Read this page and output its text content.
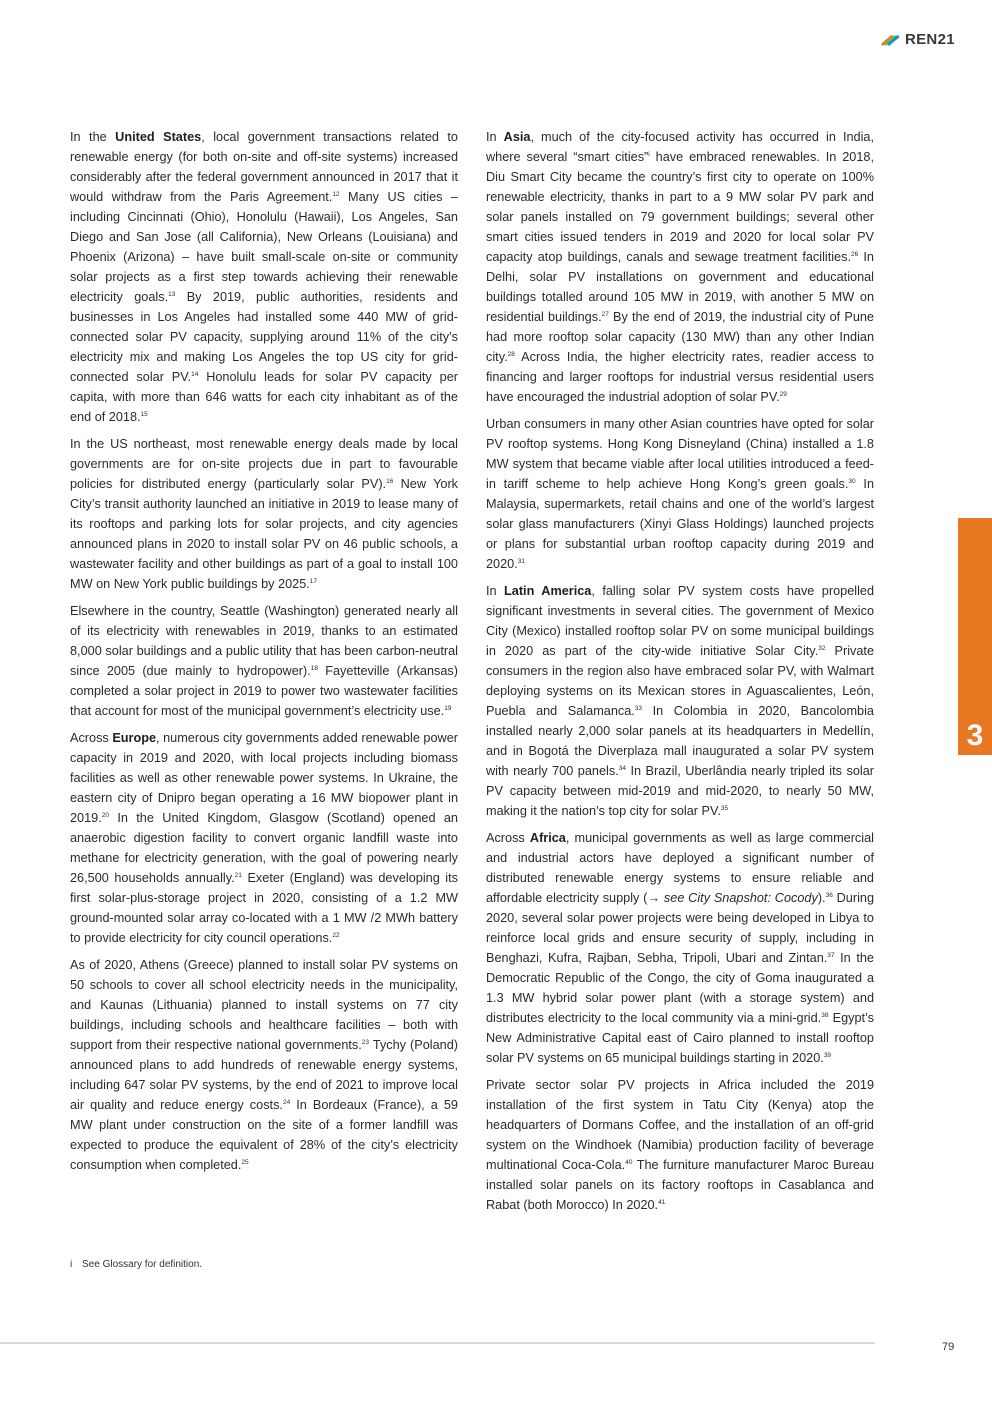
REN21

In the United States, local government transactions related to renewable energy (for both on-site and off-site systems) increased considerably after the federal government announced in 2017 that it would withdraw from the Paris Agreement.$^{12}$ Many US cities – including Cincinnati (Ohio), Honolulu (Hawaii), Los Angeles, San Diego and San Jose (all California), New Orleans (Louisiana) and Phoenix (Arizona) – have built small-scale on-site or community solar projects as a first step towards achieving their renewable electricity goals.$^{13}$ By 2019, public authorities, residents and businesses in Los Angeles had installed some 440 MW of grid-connected solar PV capacity, supplying around 11% of the city’s electricity mix and making Los Angeles the top US city for grid-connected solar PV.$^{14}$ Honolulu leads for solar PV capacity per capita, with more than 646 watts for each city inhabitant as of the end of 2018.15

In the US northeast, most renewable energy deals made by local governments are for on-site projects due in part to favourable policies for distributed energy (particularly solar PV).$^{16}$ New York City’s transit authority launched an initiative in 2019 to lease many of its rooftops and parking lots for solar projects, and city agencies announced plans in 2020 to install solar PV on 46 public schools, a wastewater facility and other buildings as part of a goal to install 100 MW on New York public buildings by 2025.17

Elsewhere in the country, Seattle (Washington) generated nearly all of its electricity with renewables in 2019, thanks to an estimated 8,000 solar buildings and a public utility that has been carbon-neutral since 2005 (due mainly to hydropower).$^{18}$ Fayetteville (Arkansas) completed a solar project in 2019 to power two wastewater facilities that account for most of the municipal government’s electricity use.$^{19}$

Across Europe, numerous city governments added renewable power capacity in 2019 and 2020, with local projects including biomass facilities as well as other renewable power systems. In Ukraine, the eastern city of Dnipro began operating a 16 MW biopower plant in 2019.20 In the United Kingdom, Glasgow (Scotland) opened an anaerobic digestion facility to convert organic landfill waste into methane for electricity generation, with the goal of powering nearly 26,500 households annually.$^{21}$ Exeter (England) was developing its first solar-plus-storage project in 2020, consisting of a 1.2 MW ground-mounted solar array co-located with a 1 MW /2 MWh battery to provide electricity for city council operations.$^{22}$

As of 2020, Athens (Greece) planned to install solar PV systems on 50 schools to cover all school electricity needs in the municipality, and Kaunas (Lithuania) planned to install systems on 77 city buildings, including schools and healthcare facilities – both with support from their respective national governments.$^{23}$ Tychy (Poland) announced plans to add hundreds of renewable energy systems, including 647 solar PV systems, by the end of 2021 to improve local air quality and reduce energy costs.$^{24}$ In Bordeaux (France), a 59 MW plant under construction on the site of a former landfill was expected to produce the equivalent of 28% of the city’s electricity consumption when completed.$^{25}$

In Asia, much of the city-focused activity has occurred in India, where several “smart cities”$^i$ have embraced renewables. In 2018, Diu Smart City became the country’s first city to operate on 100% renewable electricity, thanks in part to a 9 MW solar PV park and solar panels installed on 79 government buildings; several other smart cities issued tenders in 2019 and 2020 for local solar PV capacity atop buildings, canals and sewage treatment facilities.$^{26}$ In Delhi, solar PV installations on government and educational buildings totalled around 105 MW in 2019, with another 5 MW on residential buildings.$^{27}$ By the end of 2019, the industrial city of Pune had more rooftop solar capacity (130 MW) than any other Indian city.$^{28}$ Across India, the higher electricity rates, readier access to financing and larger rooftops for industrial versus residential users have encouraged the industrial adoption of solar PV.$^{29}$

Urban consumers in many other Asian countries have opted for solar PV rooftop systems. Hong Kong Disneyland (China) installed a 1.8 MW system that became viable after local utilities introduced a feed-in tariff scheme to help achieve Hong Kong’s green goals.$^{30}$ In Malaysia, supermarkets, retail chains and one of the world’s largest solar glass manufacturers (Xinyi Glass Holdings) launched projects or plans for substantial urban rooftop capacity during 2019 and 2020.31

In Latin America, falling solar PV system costs have propelled significant investments in several cities. The government of Mexico City (Mexico) installed rooftop solar PV on some municipal buildings in 2020 as part of the city-wide initiative Solar City.$^{32}$ Private consumers in the region also have embraced solar PV, with Walmart deploying systems on its Mexican stores in Aguascalientes, León, Puebla and Salamanca.$^{33}$ In Colombia in 2020, Bancolombia installed nearly 2,000 solar panels at its headquarters in Medellín, and in Bogotá the Diverplaza mall inaugurated a solar PV system with nearly 700 panels.$^{34}$ In Brazil, Uberlândia nearly tripled its solar PV capacity between mid-2019 and mid-2020, to nearly 50 MW, making it the nation’s top city for solar PV.$^{35}$

Across Africa, municipal governments as well as large commercial and industrial actors have deployed a significant number of distributed renewable energy systems to ensure reliable and affordable electricity supply (→ see City Snapshot: Cocody).$^{36}$ During 2020, several solar power projects were being developed in Libya to reinforce local grids and ensure security of supply, including in Benghazi, Kufra, Rajban, Sebha, Tripoli, Ubari and Zintan.$^{37}$ In the Democratic Republic of the Congo, the city of Goma inaugurated a 1.3 MW hybrid solar power plant (with a storage system) and distributes electricity to the local community via a mini-grid.$^{38}$ Egypt’s New Administrative Capital east of Cairo planned to install rooftop solar PV systems on 65 municipal buildings starting in 2020.39

Private sector solar PV projects in Africa included the 2019 installation of the first system in Tatu City (Kenya) atop the headquarters of Dormans Coffee, and the installation of an off-grid system on the Windhoek (Namibia) production facility of beverage multinational Coca-Cola.$^{40}$ The furniture manufacturer Maroc Bureau installed solar panels on its factory rooftops in Casablanca and Rabat (both Morocco) In 2020.41

i See Glossary for definition.
79
3
